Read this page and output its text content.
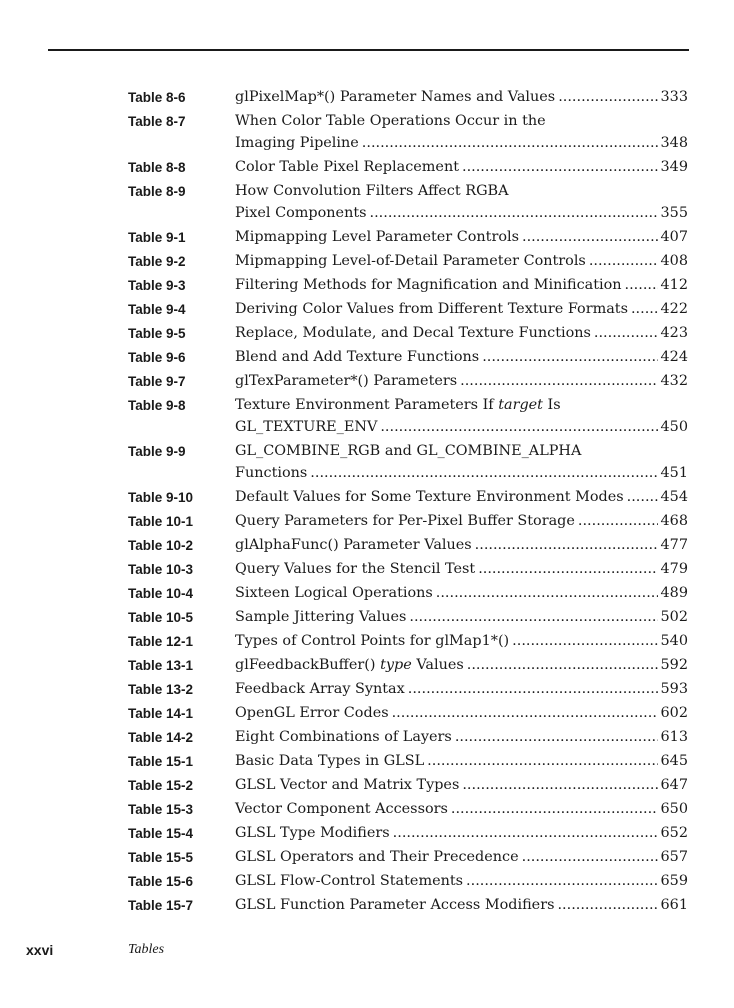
Table 8-6	glPixelMap*() Parameter Names and Values .....	333
Table 8-7	When Color Table Operations Occur in the
Imaging Pipeline .....	348
Table 8-8	Color Table Pixel Replacement .....	349
Table 8-9	How Convolution Filters Affect RGBA
Pixel Components .....	355
Table 9-1	Mipmapping Level Parameter Controls .....	407
Table 9-2	Mipmapping Level-of-Detail Parameter Controls .....	408
Table 9-3	Filtering Methods for Magnification and Minification .....	412
Table 9-4	Deriving Color Values from Different Texture Formats ..... 422
Table 9-5	Replace, Modulate, and Decal Texture Functions .....	423
Table 9-6	Blend and Add Texture Functions .....	424
Table 9-7	glTexParameter*() Parameters .....	432
Table 9-8	Texture Environment Parameters If target Is
GL_TEXTURE_ENV .....	450
Table 9-9	GL_COMBINE_RGB and GL_COMBINE_ALPHA
Functions .....	451
Table 9-10	Default Values for Some Texture Environment Modes .....	454
Table 10-1	Query Parameters for Per-Pixel Buffer Storage .....	468
Table 10-2	glAlphaFunc() Parameter Values .....	477
Table 10-3	Query Values for the Stencil Test .....	479
Table 10-4	Sixteen Logical Operations .....	489
Table 10-5	Sample Jittering Values .....	502
Table 12-1	Types of Control Points for glMap1*() .....	540
Table 13-1	glFeedbackBuffer() type Values .....	592
Table 13-2	Feedback Array Syntax .....	593
Table 14-1	OpenGL Error Codes .....	602
Table 14-2	Eight Combinations of Layers .....	613
Table 15-1	Basic Data Types in GLSL .....	645
Table 15-2	GLSL Vector and Matrix Types .....	647
Table 15-3	Vector Component Accessors .....	650
Table 15-4	GLSL Type Modifiers .....	652
Table 15-5	GLSL Operators and Their Precedence .....	657
Table 15-6	GLSL Flow-Control Statements .....	659
Table 15-7	GLSL Function Parameter Access Modifiers .....	661
xxvi	Tables
